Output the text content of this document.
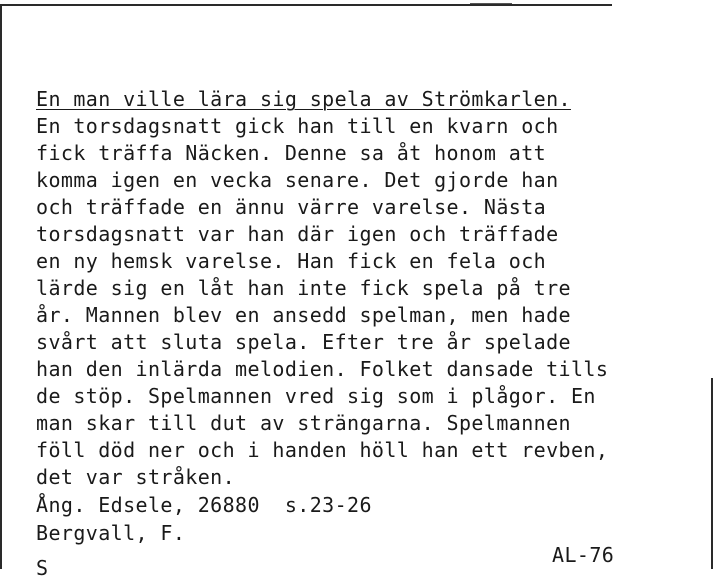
En man ville lära sig spela av Strömkarlen.
En torsdagsnatt gick han till en kvarn och
fick träffa Näcken. Denne sa åt honom att
komma igen en vecka senare. Det gjorde han
och träffade en ännu värre varelse. Nästa
torsdagsnatt var han där igen och träffade
en ny hemsk varelse. Han fick en fela och
lärde sig en låt han inte fick spela på tre
år. Mannen blev en ansedd spelman, men hade
svårt att sluta spela. Efter tre år spelade
han den inlärda melodien. Folket dansade tills
de stöp. Spelmannen vred sig som i plågor. En
man skar till dut av strängarna. Spelmannen
föll död ner och i handen höll han ett revben,
det var stråken.
Ång. Edsele, 26880  s.23-26
Bergvall, F.
AL-76
S
